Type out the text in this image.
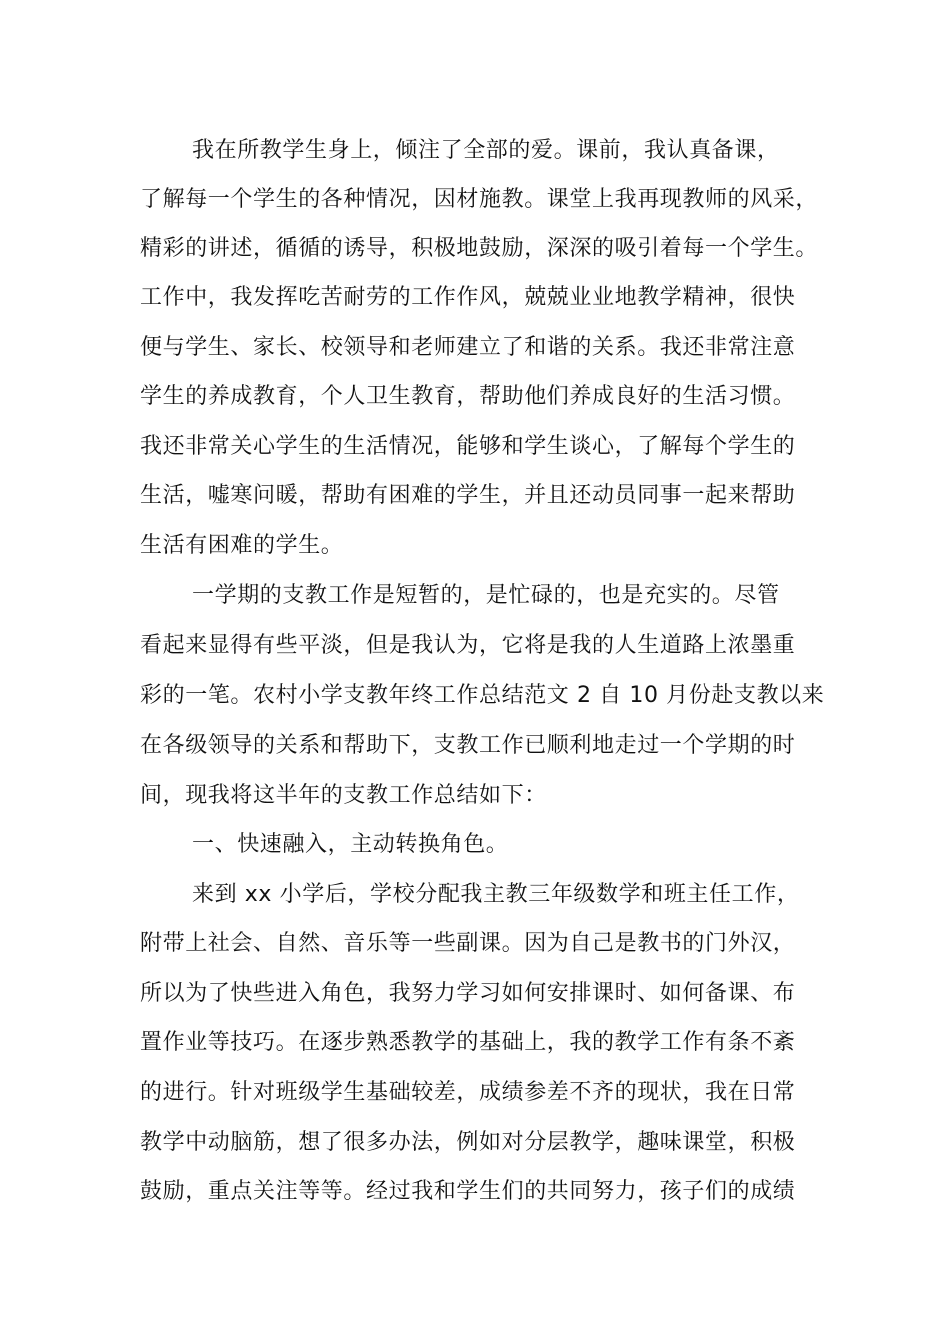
我在所教学生身上，倾注了全部的爱。课前，我认真备课，
了解每一个学生的各种情况，因材施教。课堂上我再现教师的风采，
精彩的讲述，循循的诱导，积极地鼓励，深深的吸引着每一个学生。
工作中，我发挥吃苦耐劳的工作作风，兢兢业业地教学精神，很快
便与学生、家长、校领导和老师建立了和谐的关系。我还非常注意
学生的养成教育，个人卫生教育，帮助他们养成良好的生活习惯。
我还非常关心学生的生活情况，能够和学生谈心，了解每个学生的
生活，嘘寒问暖，帮助有困难的学生，并且还动员同事一起来帮助
生活有困难的学生。
一学期的支教工作是短暂的，是忙碌的，也是充实的。尽管
看起来显得有些平淡，但是我认为，它将是我的人生道路上浓墨重
彩的一笔。农村小学支教年终工作总结范文 2 自 10 月份赴支教以来
在各级领导的关系和帮助下，支教工作已顺利地走过一个学期的时
间，现我将这半年的支教工作总结如下：
一、快速融入，主动转换角色。
来到 xx 小学后，学校分配我主教三年级数学和班主任工作，
附带上社会、自然、音乐等一些副课。因为自己是教书的门外汉，
所以为了快些进入角色，我努力学习如何安排课时、如何备课、布
置作业等技巧。在逐步熟悉教学的基础上，我的教学工作有条不紊
的进行。针对班级学生基础较差，成绩参差不齐的现状，我在日常
教学中动脑筋，想了很多办法，例如对分层教学，趣味课堂，积极
鼓励，重点关注等等。经过我和学生们的共同努力，孩子们的成绩
